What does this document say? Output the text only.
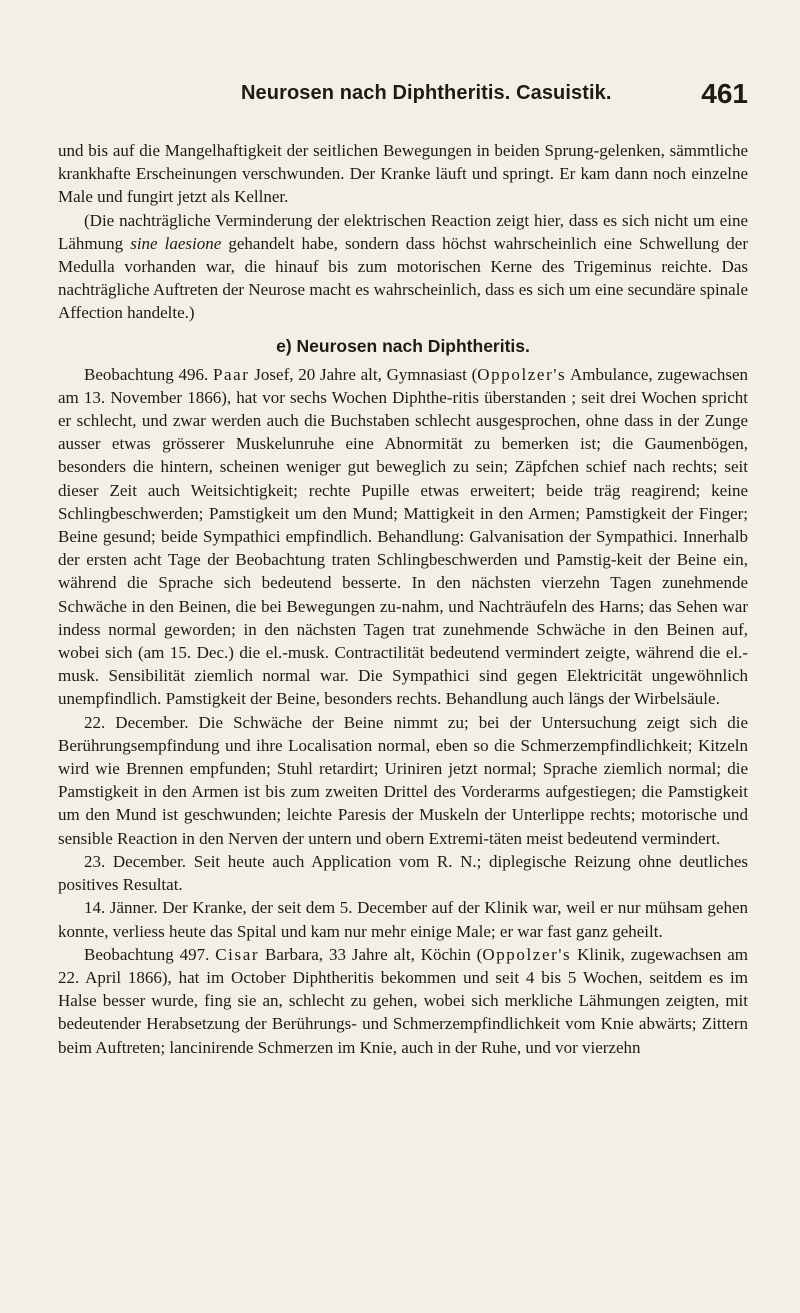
Neurosen nach Diphtheritis. Casuistik.	461

und bis auf die Mangelhaftigkeit der seitlichen Bewegungen in beiden Sprung-gelenken, sämmtliche krankhafte Erscheinungen verschwunden. Der Kranke läuft und springt. Er kam dann noch einzelne Male und fungirt jetzt als Kellner.

(Die nachträgliche Verminderung der elektrischen Reaction zeigt hier, dass es sich nicht um eine Lähmung sine laesione gehandelt habe, sondern dass höchst wahrscheinlich eine Schwellung der Medulla vorhanden war, die hinauf bis zum motorischen Kerne des Trigeminus reichte. Das nachträgliche Auftreten der Neurose macht es wahrscheinlich, dass es sich um eine secundäre spinale Affection handelte.)

e) Neurosen nach Diphtheritis.

Beobachtung 496. Paar Josef, 20 Jahre alt, Gymnasiast (Oppolzer's Ambulance, zugewachsen am 13. November 1866), hat vor sechs Wochen Diphthe-ritis überstanden ; seit drei Wochen spricht er schlecht, und zwar werden auch die Buchstaben schlecht ausgesprochen, ohne dass in der Zunge ausser etwas grösserer Muskelunruhe eine Abnormität zu bemerken ist; die Gaumenbögen, besonders die hintern, scheinen weniger gut beweglich zu sein; Zäpfchen schief nach rechts; seit dieser Zeit auch Weitsichtigkeit; rechte Pupille etwas erweitert; beide träg reagirend; keine Schlingbeschwerden; Pamstigkeit um den Mund; Mattigkeit in den Armen; Pamstigkeit der Finger; Beine gesund; beide Sympathici empfindlich. Behandlung: Galvanisation der Sympathici. Innerhalb der ersten acht Tage der Beobachtung traten Schlingbeschwerden und Pamstig-keit der Beine ein, während die Sprache sich bedeutend besserte. In den nächsten vierzehn Tagen zunehmende Schwäche in den Beinen, die bei Bewegungen zu-nahm, und Nachträufeln des Harns; das Sehen war indess normal geworden; in den nächsten Tagen trat zunehmende Schwäche in den Beinen auf, wobei sich (am 15. Dec.) die el.-musk. Contractilität bedeutend vermindert zeigte, während die el.-musk. Sensibilität ziemlich normal war. Die Sympathici sind gegen Elektricität ungewöhnlich unempfindlich. Pamstigkeit der Beine, besonders rechts. Behandlung auch längs der Wirbelsäule.

22. December. Die Schwäche der Beine nimmt zu; bei der Untersuchung zeigt sich die Berührungsempfindung und ihre Localisation normal, eben so die Schmerzempfindlichkeit; Kitzeln wird wie Brennen empfunden; Stuhl retardirt; Uriniren jetzt normal; Sprache ziemlich normal; die Pamstigkeit in den Armen ist bis zum zweiten Drittel des Vorderarms aufgestiegen; die Pamstigkeit um den Mund ist geschwunden; leichte Paresis der Muskeln der Unterlippe rechts; motorische und sensible Reaction in den Nerven der untern und obern Extremi-täten meist bedeutend vermindert.

23. December. Seit heute auch Application vom R. N.; diplegische Reizung ohne deutliches positives Resultat.

14. Jänner. Der Kranke, der seit dem 5. December auf der Klinik war, weil er nur mühsam gehen konnte, verliess heute das Spital und kam nur mehr einige Male; er war fast ganz geheilt.

Beobachtung 497. Cisar Barbara, 33 Jahre alt, Köchin (Oppolzer's Klinik, zugewachsen am 22. April 1866), hat im October Diphtheritis bekommen und seit 4 bis 5 Wochen, seitdem es im Halse besser wurde, fing sie an, schlecht zu gehen, wobei sich merkliche Lähmungen zeigten, mit bedeutender Herabsetzung der Berührungs- und Schmerzempfindlichkeit vom Knie abwärts; Zittern beim Auftreten; lancinirende Schmerzen im Knie, auch in der Ruhe, und vor vierzehn
